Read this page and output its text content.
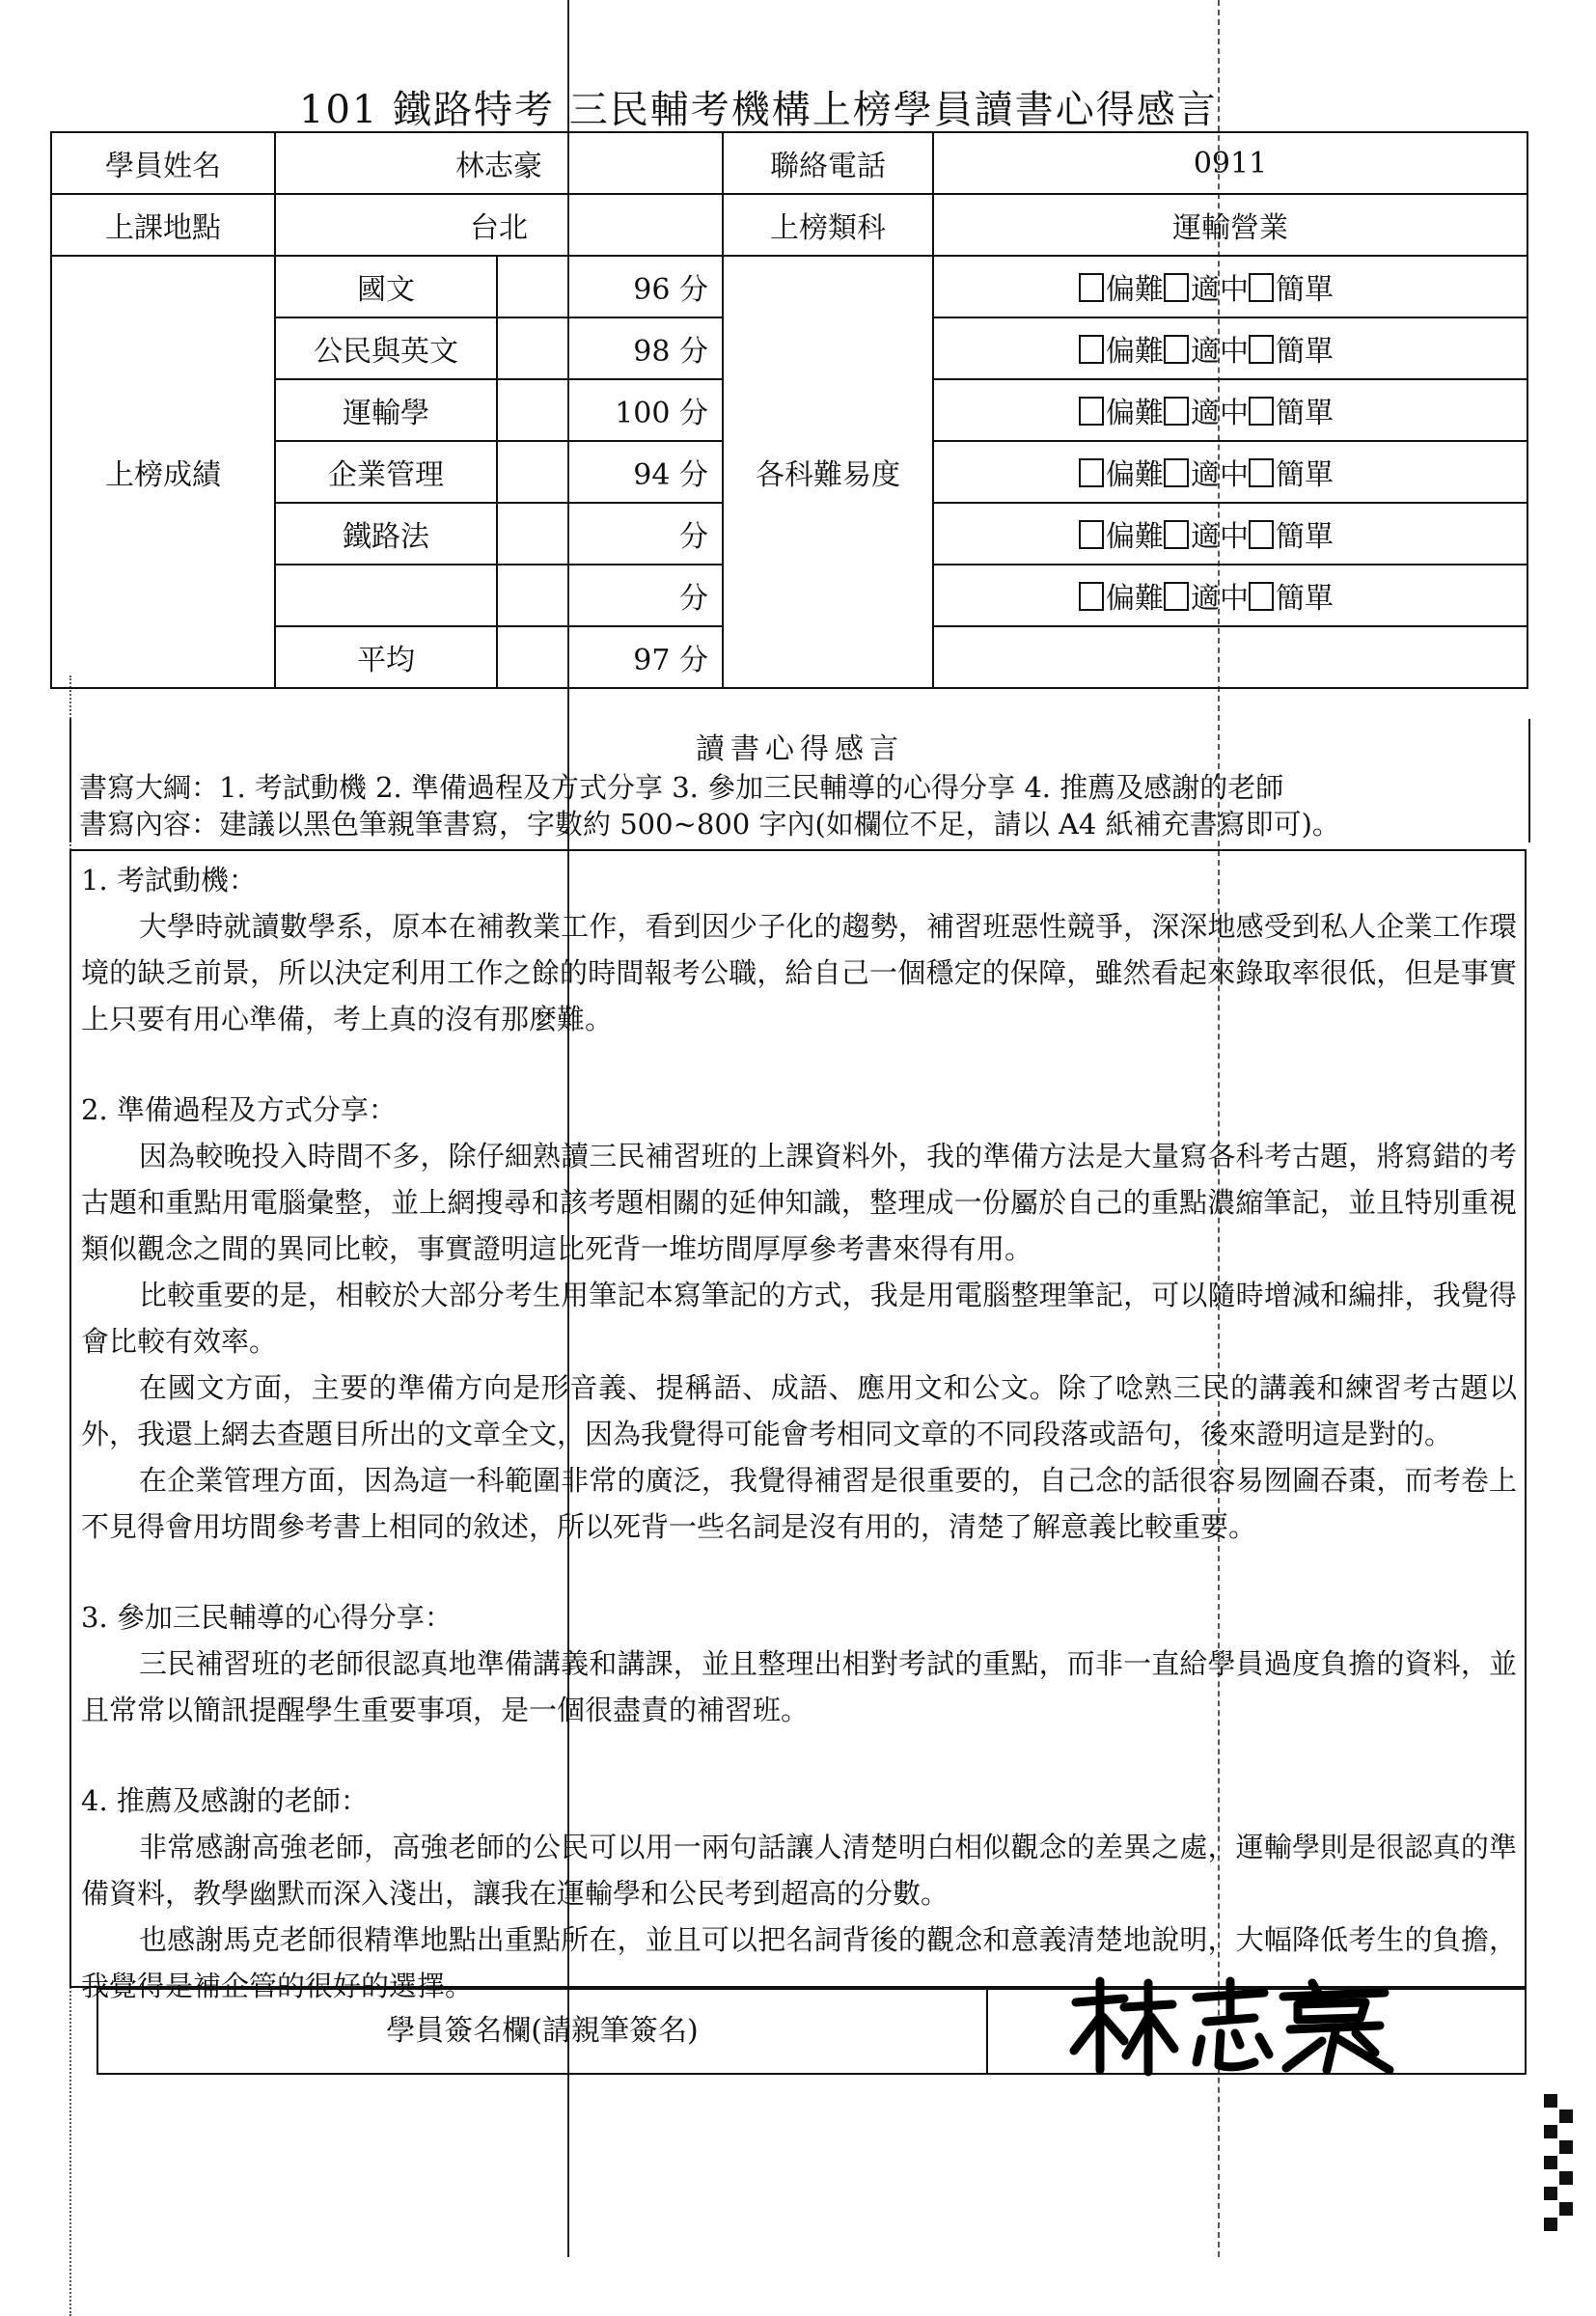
101 鐵路特考 三民輔考機構上榜學員讀書心得感言
學員姓名	林志豪		聯絡電話	0911
上課地點	台北		上榜類科	運輸營業
上榜成績	國文	96 分	各科難易度	偏難 適中 簡單
	公民與英文	98 分		偏難 適中 簡單
	運輸學	100 分		偏難 適中 簡單
	企業管理	94 分		偏難 適中 簡單
	鐵路法	分		偏難 適中 簡單
		分		偏難 適中 簡單
	平均	97 分		
讀書心得感言
書寫大綱：1. 考試動機 2. 準備過程及方式分享 3. 參加三民輔導的心得分享 4. 推薦及感謝的老師
書寫內容：建議以黑色筆親筆書寫，字數約 500~800 字內(如欄位不足，請以 A4 紙補充書寫即可)。
1. 考試動機：
大學時就讀數學系，原本在補教業工作，看到因少子化的趨勢，補習班惡性競爭，深深地感受到私人企業工作環境的缺乏前景，所以決定利用工作之餘的時間報考公職，給自己一個穩定的保障，雖然看起來錄取率很低，但是事實上只要有用心準備，考上真的沒有那麼難。
2. 準備過程及方式分享：
因為較晚投入時間不多，除仔細熟讀三民補習班的上課資料外，我的準備方法是大量寫各科考古題，將寫錯的考古題和重點用電腦彙整，並上網搜尋和該考題相關的延伸知識，整理成一份屬於自己的重點濃縮筆記，並且特別重視類似觀念之間的異同比較，事實證明這比死背一堆坊間厚厚參考書來得有用。
比較重要的是，相較於大部分考生用筆記本寫筆記的方式，我是用電腦整理筆記，可以隨時增減和編排，我覺得會比較有效率。
在國文方面，主要的準備方向是形音義、提稱語、成語、應用文和公文。除了唸熟三民的講義和練習考古題以外，我還上網去查題目所出的文章全文，因為我覺得可能會考相同文章的不同段落或語句，後來證明這是對的。
在企業管理方面，因為這一科範圍非常的廣泛，我覺得補習是很重要的，自己念的話很容易囫圇吞棗，而考卷上不見得會用坊間參考書上相同的敘述，所以死背一些名詞是沒有用的，清楚了解意義比較重要。
3. 參加三民輔導的心得分享：
三民補習班的老師很認真地準備講義和講課，並且整理出相對考試的重點，而非一直給學員過度負擔的資料，並且常常以簡訊提醒學生重要事項，是一個很盡責的補習班。
4. 推薦及感謝的老師：
非常感謝高強老師，高強老師的公民可以用一兩句話讓人清楚明白相似觀念的差異之處，運輸學則是很認真的準備資料，教學幽默而深入淺出，讓我在運輸學和公民考到超高的分數。
也感謝馬克老師很精準地點出重點所在，並且可以把名詞背後的觀念和意義清楚地說明，大幅降低考生的負擔，我覺得是補企管的很好的選擇。
學員簽名欄(請親筆簽名)
